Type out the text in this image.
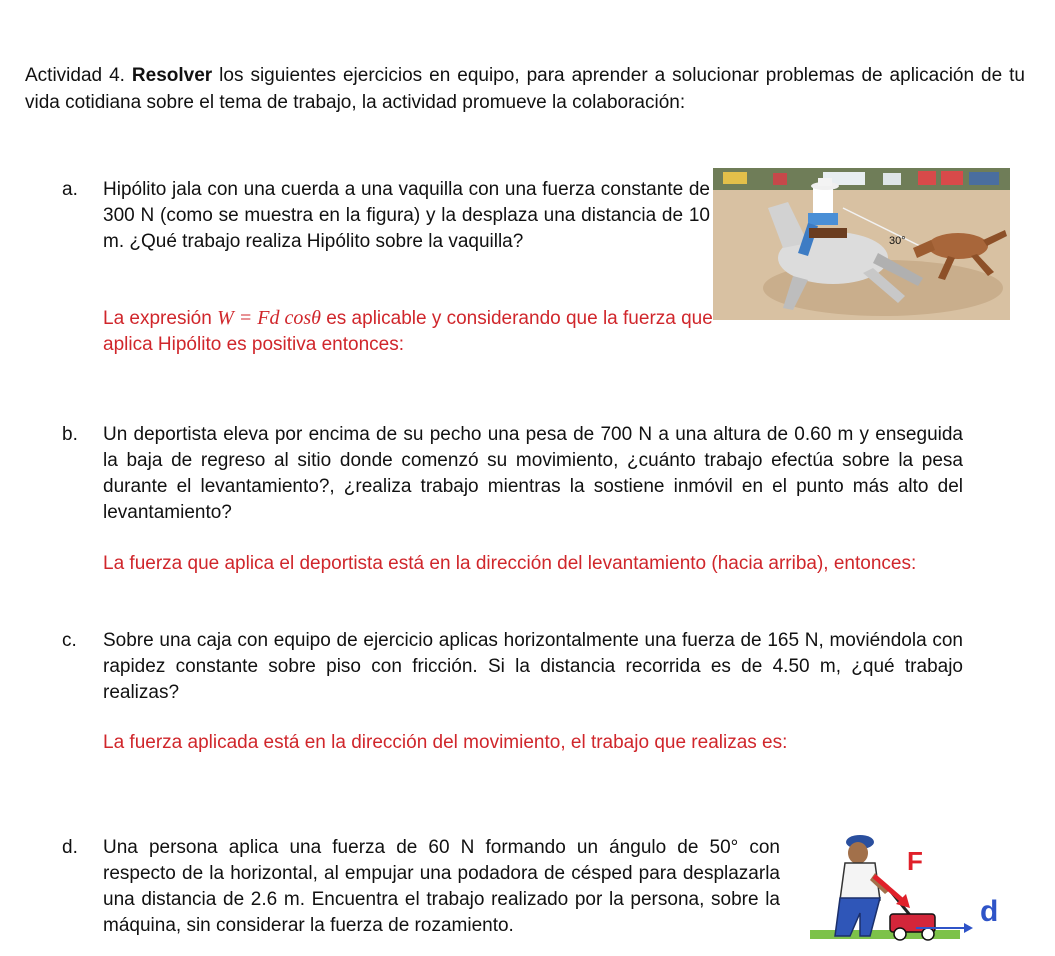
Actividad 4. Resolver los siguientes ejercicios en equipo, para aprender a solucionar problemas de aplicación de tu vida cotidiana sobre el tema de trabajo, la actividad promueve la colaboración:
a. Hipólito jala con una cuerda a una vaquilla con una fuerza constante de 300 N (como se muestra en la figura) y la desplaza una distancia de 10 m. ¿Qué trabajo realiza Hipólito sobre la vaquilla?
La expresión W = Fd cosθ es aplicable y considerando que la fuerza que aplica Hipólito es positiva entonces:
30°
b. Un deportista eleva por encima de su pecho una pesa de 700 N a una altura de 0.60 m y enseguida la baja de regreso al sitio donde comenzó su movimiento, ¿cuánto trabajo efectúa sobre la pesa durante el levantamiento?, ¿realiza trabajo mientras la sostiene inmóvil en el punto más alto del levantamiento?
La fuerza que aplica el deportista está en la dirección del levantamiento (hacia arriba), entonces:
c. Sobre una caja con equipo de ejercicio aplicas horizontalmente una fuerza de 165 N, moviéndola con rapidez constante sobre piso con fricción. Si la distancia recorrida es de 4.50 m, ¿qué trabajo realizas?
La fuerza aplicada está en la dirección del movimiento, el trabajo que realizas es:
d. Una persona aplica una fuerza de 60 N formando un ángulo de 50° con respecto de la horizontal, al empujar una podadora de césped para desplazarla una distancia de 2.6 m. Encuentra el trabajo realizado por la persona, sobre la máquina, sin considerar la fuerza de rozamiento.
F
d
